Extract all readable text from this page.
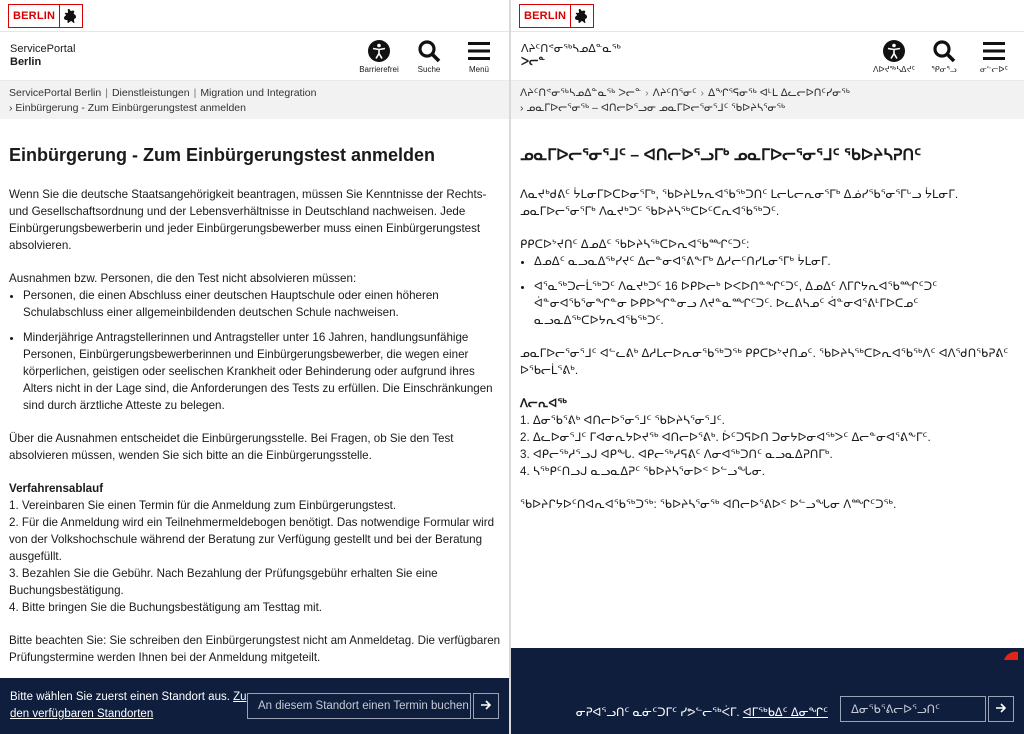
BERLIN
ServicePortal
Berlin
Barrierefrei Suche	Menü
ServicePortal Berlin | Dienstleistungen | Migration und Integration
› Einbürgerung - Zum Einbürgerungstest anmelden
Einbürgerung - Zum Einbürgerungstest anmelden

Wenn Sie die deutsche Staatsangehörigkeit beantragen, müssen Sie Kenntnisse der Rechts- und Gesellschaftsordnung und der Lebensverhältnisse in Deutschland nachweisen. Jede Einbürgerungsbewerberin und jeder Einbürgerungsbewerber muss einen Einbürgerungstest absolvieren.

Ausnahmen bzw. Personen, die den Test nicht absolvieren müssen:
• Personen, die einen Abschluss einer deutschen Hauptschule oder einen höheren Schulabschluss einer allgemeinbildenden deutschen Schule nachweisen.
• Minderjährige Antragstellerinnen und Antragsteller unter 16 Jahren, handlungsunfähige Personen, Einbürgerungsbewerberinnen und Einbürgerungsbewerber, die wegen einer körperlichen, geistigen oder seelischen Krankheit oder Behinderung oder aufgrund ihres Alters nicht in der Lage sind, die Anforderungen des Tests zu erfüllen. Die Einschränkungen sind durch ärztliche Atteste zu belegen.

Über die Ausnahmen entscheidet die Einbürgerungsstelle. Bei Fragen, ob Sie den Test absolvieren müssen, wenden Sie sich bitte an die Einbürgerungsstelle.

Verfahrensablauf
1. Vereinbaren Sie einen Termin für die Anmeldung zum Einbürgerungstest.
2. Für die Anmeldung wird ein Teilnehmermeldebogen benötigt. Das notwendige Formular wird von der Volkshochschule während der Beratung zur Verfügung gestellt und bei der Beratung ausgefüllt.
3. Bezahlen Sie die Gebühr. Nach Bezahlung der Prüfungsgebühr erhalten Sie eine Buchungsbestätigung.
4. Bitte bringen Sie die Buchungsbestätigung am Testtag mit.

Bitte beachten Sie: Sie schreiben den Einbürgerungstest nicht am Anmeldetag. Die verfügbaren Prüfungstermine werden Ihnen bei der Anmeldung mitgeteilt.

Bitte wählen Sie zuerst einen Standort aus. Zu den verfügbaren Standorten
An diesem Standort einen Termin buchen
BERLIN
ᐱᔨᑦᑎᕝᓂᖅᓴᓄᐃᓐᓇᖅ
ᐳᓕᓐ
ᐱᐅᔪᖅᓴᐃᔪᑦ ᕿᓂᕐᓗ	ᓂᓪᓕᐅᑦ
ᐱᔨᑦᑎᕝᓂᖅᓴᓄᐃᓐᓇᖅ ᐳᓕᓐ › ᐱᔨᑦᑎᕐᓂᑦ › ᐃᖏᕐᕋᓂᖅ ᐊᒻᒪ ᐃᓚᓕᐅᑎᑦᓯᓂᖅ
› ᓄᓇᒥᐅᓕᕐᓂᖅ – ᐊᑎᓕᐅᕐᓗᓂ ᓄᓇᒥᐅᓕᕐᓂᕐᒧᑦ ᖃᐅᔨᓴᕐᓂᖅ
ᓄᓇᒥᐅᓕᕐᓂᕐᒧᑦ – ᐊᑎᓕᐅᕐᓗᒥᒃ ᓄᓇᒥᐅᓕᕐᓂᕐᒧᑦ ᖃᐅᔨᓴᕈᑎᑦ

ᐱᓇᔪᒃᑯᕕᑦ ᔮᒪᓂᒥᐅᑕᐅᓂᕐᒥᒃ, ᖃᐅᔨᒪᔭᕆᐊᖃᖅᑐᑎᑦ ᒪᓕᒐᓕᕆᓂᕐᒥᒃ ᐃᓅᓯᖃᕐᓂᕐᒥᒡᓗ ᔮᒪᓂᒥ. ᓄᓇᒥᐅᓕᕐᓂᕐᒥᒃ ᐱᓇᔪᒃᑐᑦ ᖃᐅᔨᓴᖅᑕᐅᑦᑕᕆᐊᖃᖅᑐᑦ.

ᑭᑭᑕᐅᔾᔪᑎᑦ ᐃᓄᐃᑦ ᖃᐅᔨᓴᖅᑕᐅᕆᐊᖃᙱᑦᑐᑦ:
• ᐃᓄᐃᑦ ᓇᓗᓇᐃᖅᓯᔪᑦ ᐃᓕᓐᓂᐊᕐᕕᖕᒥᒃ ᐃᓱᓕᑦᑎᓯᒪᓂᕐᒥᒃ ᔮᒪᓂᒥ.
• ᐊᕐᓇᖅᑐᓕᒫᖅᑐᑦ ᐱᓇᔪᒃᑐᑦ 16 ᐅᑭᐅᓕᒃ ᐅᐸᐅᑎᓐᖏᑦᑐᑦ, ᐃᓄᐃᑦ ᐱᒥᒋᔭᕆᐊᖃᙱᑦᑐᑦ ᐋᓐᓂᐊᖃᕐᓂᖏᓐᓂ ᐅᑭᐅᖏᓐᓂᓗ ᐱᔪᓐᓇᙱᑦᑐᑦ. ᐅᓚᕕᓴᓄᑦ ᐋᓐᓂᐊᕐᕕᒻᒥᐅᑕᓄᑦ ᓇᓗᓇᐃᖅᑕᐅᔭᕆᐊᖃᖅᑐᑦ.

ᓄᓇᒥᐅᓕᕐᓂᕐᒧᑦ ᐊᓪᓚᕕᒃ ᐃᓱᒪᓕᐅᕆᓂᖃᖅᑐᖅ ᑭᑭᑕᐅᔾᔪᑎᓄᑦ. ᖃᐅᔨᓴᖅᑕᐅᕆᐊᖃᖅᐱᑦ ᐊᐱᖁᑎᖃᕈᕕᑦ ᐅᖃᓕᒫᕐᕕᒃ.

ᐱᓕᕆᐊᖅ
1. ᐃᓂᖃᕐᕕᒃ ᐊᑎᓕᐅᕐᓂᕐᒧᑦ ᖃᐅᔨᓴᕐᓂᕐᒧᑦ.
2. ᐃᓚᐅᓂᕐᒧᑦ ᒥᐊᓂᕆᔭᐅᔪᖅ ᐊᑎᓕᐅᕐᕕᒃ. ᐆᑦᑐᕋᐅᑎ ᑐᓂᔭᐅᓂᐊᖅᐳᑦ ᐃᓕᓐᓂᐊᕐᕕᖕᒥᑦ.
3. ᐊᑭᓕᖅᓱᕐᓗᒍ ᐊᑭᖓ. ᐊᑭᓕᖅᓱᕋᕕᑦ ᐱᓂᐊᖅᑐᑎᑦ ᓇᓗᓇᐃᕈᑎᒥᒃ.
4. ᓴᖅᑭᑦᑎᓗᒍ ᓇᓗᓇᐃᕈᑦ ᖃᐅᔨᓴᕐᓂᐅᑉ ᐅᓪᓗᖓᓂ.

ᖃᐅᔨᒋᔭᐅᑦᑎᐊᕆᐊᖃᖅᑐᖅ: ᖃᐅᔨᓴᕐᓂᖅ ᐊᑎᓕᐅᕐᕕᐅᑉ ᐅᓪᓗᖓᓂ ᐱᙱᑦᑐᖅ.

ᓂᕈᐊᕐᓗᑎᑦ ᓇᓃᑦᑐᒥᑦ ᓯᕗᓪᓕᖅᐹᒥ. ᐊᒥᖅᑲᐃᑦ ᐃᓂᖏᑦ	ᐃᓂᖃᕐᕕᓕᐅᕐᓗᑎᑦ
